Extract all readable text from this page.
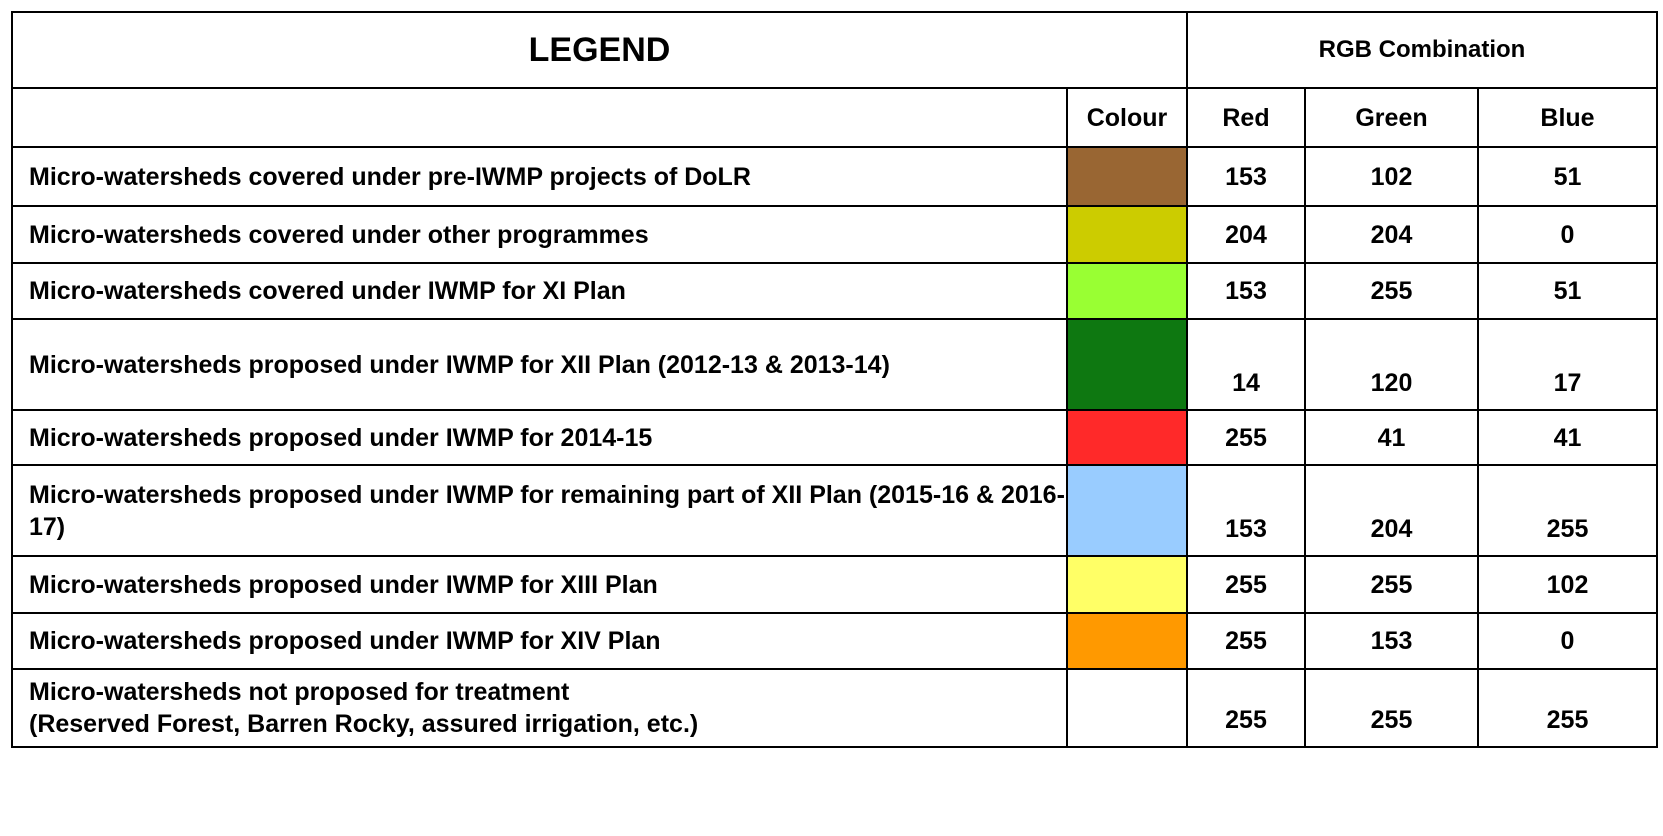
LEGEND		RGB Combination		
	Colour	Red	Green	Blue
Micro-watersheds covered under pre-IWMP projects of DoLR		153	102	51
Micro-watersheds covered under other programmes		204	204	0
Micro-watersheds covered under IWMP for XI Plan		153	255	51
Micro-watersheds proposed under IWMP for XII Plan (2012-13 & 2013-14)		14	120	17
Micro-watersheds proposed under IWMP for 2014-15		255	41	41
Micro-watersheds proposed under IWMP for remaining part of XII Plan (2015-16 & 2016-17)		153	204	255
Micro-watersheds proposed under IWMP for XIII Plan		255	255	102
Micro-watersheds proposed under IWMP for XIV Plan		255	153	0
Micro-watersheds not proposed for treatment
(Reserved Forest, Barren Rocky, assured irrigation, etc.)		255	255	255
